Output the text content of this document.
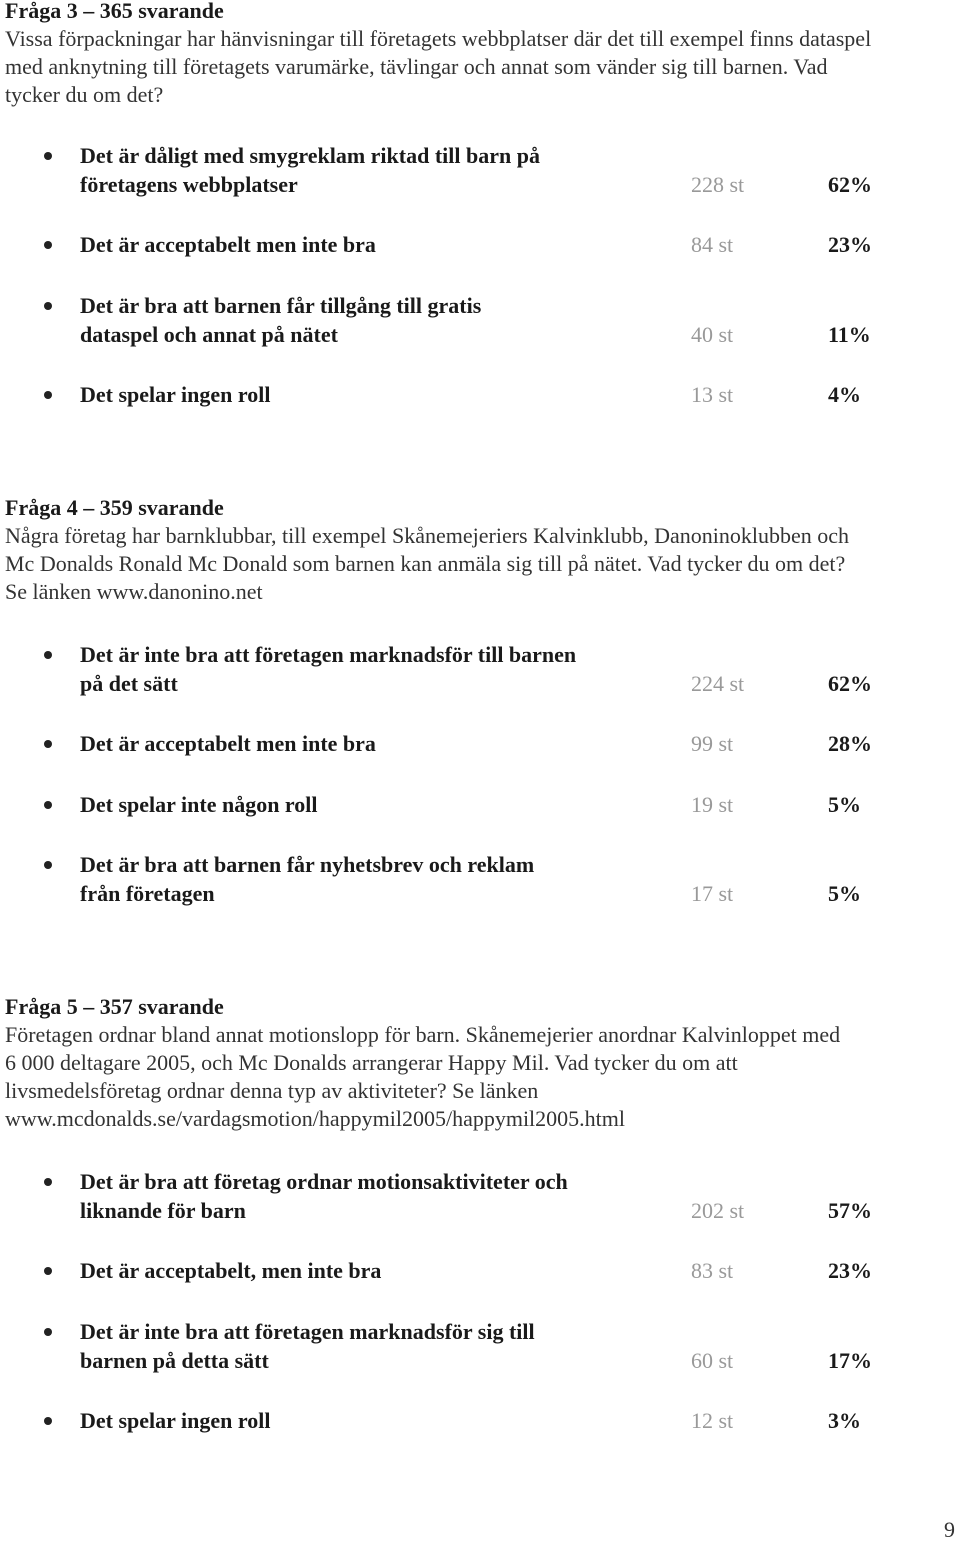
Fråga 3 – 365 svarande
Vissa förpackningar har hänvisningar till företagets webbplatser där det till exempel finns dataspel
med anknytning till företagets varumärke, tävlingar och annat som vänder sig till barnen. Vad
tycker du om det?
Det är dåligt med smygreklam riktad till barn på
företagens webbplatser	228 st	62%
Det är acceptabelt men inte bra	84 st	23%
Det är bra att barnen får tillgång till gratis
dataspel och annat på nätet	40 st	11%
Det spelar ingen roll	13 st	4%
Fråga 4 – 359 svarande
Några företag har barnklubbar, till exempel Skånemejeriers Kalvinklubb, Danoninoklubben och
Mc Donalds Ronald Mc Donald som barnen kan anmäla sig till på nätet. Vad tycker du om det?
Se länken www.danonino.net
Det är inte bra att företagen marknadsför till barnen
på det sätt	224 st	62%
Det är acceptabelt men inte bra	99 st	28%
Det spelar inte någon roll	19 st	5%
Det är bra att barnen får nyhetsbrev och reklam
från företagen	17 st	5%
Fråga 5 – 357 svarande
Företagen ordnar bland annat motionslopp för barn. Skånemejerier anordnar Kalvinloppet med
6 000 deltagare 2005, och Mc Donalds arrangerar Happy Mil. Vad tycker du om att
livsmedelsföretag ordnar denna typ av aktiviteter? Se länken
www.mcdonalds.se/vardagsmotion/happymil2005/happymil2005.html
Det är bra att företag ordnar motionsaktiviteter och
liknande för barn	202 st	57%
Det är acceptabelt, men inte bra	83 st	23%
Det är inte bra att företagen marknadsför sig till
barnen på detta sätt	60 st	17%
Det spelar ingen roll	12 st	3%
9
